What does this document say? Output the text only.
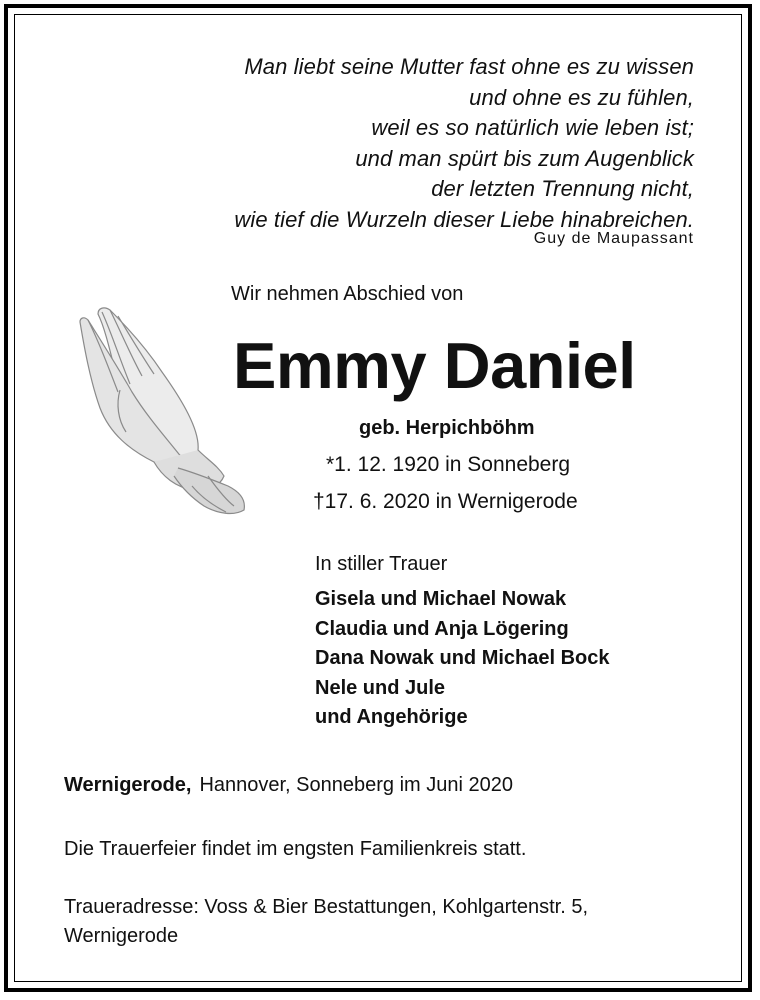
Man liebt seine Mutter fast ohne es zu wissen
und ohne es zu fühlen,
weil es so natürlich wie leben ist;
und man spürt bis zum Augenblick
der letzten Trennung nicht,
wie tief die Wurzeln dieser Liebe hinabreichen.
Guy de Maupassant
Wir nehmen Abschied von
Emmy Daniel
geb. Herpichböhm
*1. 12. 1920 in Sonneberg
†17. 6. 2020 in Wernigerode
In stiller Trauer
Gisela und Michael Nowak
Claudia und Anja Lögering
Dana Nowak und Michael Bock
Nele und Jule
und Angehörige
Wernigerode, Hannover, Sonneberg im Juni 2020
Die Trauerfeier findet im engsten Familienkreis statt.
Traueradresse: Voss & Bier Bestattungen, Kohlgartenstr. 5,
Wernigerode
